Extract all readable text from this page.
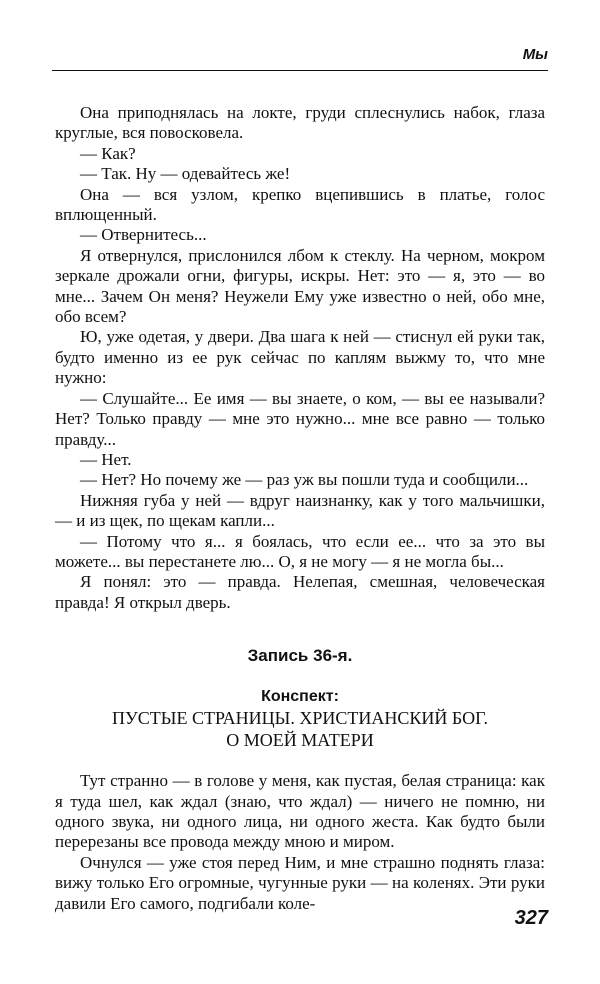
Мы

Она приподнялась на локте, груди сплеснулись набок, глаза круглые, вся повосковела.

— Как?

— Так. Ну — одевайтесь же!

Она — вся узлом, крепко вцепившись в платье, голос вплющенный.

— Отвернитесь...

Я отвернулся, прислонился лбом к стеклу. На черном, мокром зеркале дрожали огни, фигуры, искры. Нет: это — я, это — во мне... Зачем Он меня? Неужели Ему уже известно о ней, обо мне, обо всем?

Ю, уже одетая, у двери. Два шага к ней — стиснул ей руки так, будто именно из ее рук сейчас по каплям выжму то, что мне нужно:

— Слушайте... Ее имя — вы знаете, о ком, — вы ее называли? Нет? Только правду — мне это нужно... мне все равно — только правду...

— Нет.

— Нет? Но почему же — раз уж вы пошли туда и сообщили...

Нижняя губа у ней — вдруг наизнанку, как у того мальчишки, — и из щек, по щекам капли...

— Потому что я... я боялась, что если ее... что за это вы можете... вы перестанете лю... О, я не могу — я не могла бы...

Я понял: это — правда. Нелепая, смешная, человеческая правда! Я открыл дверь.

Запись 36-я.
Конспект:
ПУСТЫЕ СТРАНИЦЫ. ХРИСТИАНСКИЙ БОГ.
О МОЕЙ МАТЕРИ

Тут странно — в голове у меня, как пустая, белая страница: как я туда шел, как ждал (знаю, что ждал) — ничего не помню, ни одного звука, ни одного лица, ни одного жеста. Как будто были перерезаны все провода между мною и миром.

Очнулся — уже стоя перед Ним, и мне страшно поднять глаза: вижу только Его огромные, чугунные руки — на коленях. Эти руки давили Его самого, подгибали коле-

327
